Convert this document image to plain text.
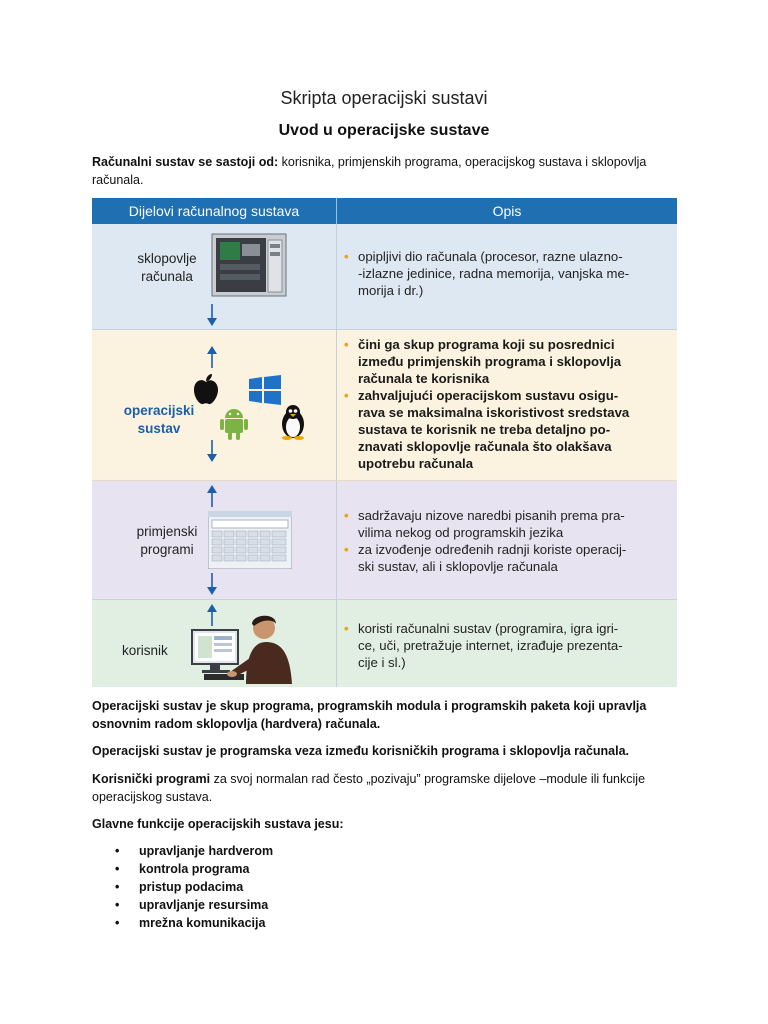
Skripta operacijski sustavi
Uvod u operacijske sustave
Računalni sustav se sastoji od: korisnika, primjenskih programa, operacijskog sustava i sklopovlja računala.
Dijelovi računalnog sustava	Opis
sklopovlje
računala
• opipljivi dio računala (procesor, razne ulazno-
-izlazne jedinice, radna memorija, vanjska me-
morija i dr.)
operacijski
sustav
• čini ga skup programa koji su posrednici
između primjenskih programa i sklopovlja
računala te korisnika
• zahvaljujući operacijskom sustavu osigu-
rava se maksimalna iskoristivost sredstava
sustava te korisnik ne treba detaljno po-
znavati sklopovlje računala što olakšava
upotrebu računala
primjenski
programi
• sadržavaju nizove naredbi pisanih prema pra-
vilima nekog od programskih jezika
• za izvođenje određenih radnji koriste operacij-
ski sustav, ali i sklopovlje računala
korisnik
• koristi računalni sustav (programira, igra igri-
ce, uči, pretražuje internet, izrađuje prezenta-
cije i sl.)
Operacijski sustav je skup programa, programskih modula i programskih paketa koji upravlja osnovnim radom sklopovlja (hardvera) računala.
Operacijski sustav je programska veza između korisničkih programa i sklopovlja računala.
Korisnički programi za svoj normalan rad često „pozivaju” programske dijelove –module ili funkcije operacijskog sustava.
Glavne funkcije operacijskih sustava jesu:
• upravljanje hardverom
• kontrola programa
• pristup podacima
• upravljanje resursima
• mrežna komunikacija
